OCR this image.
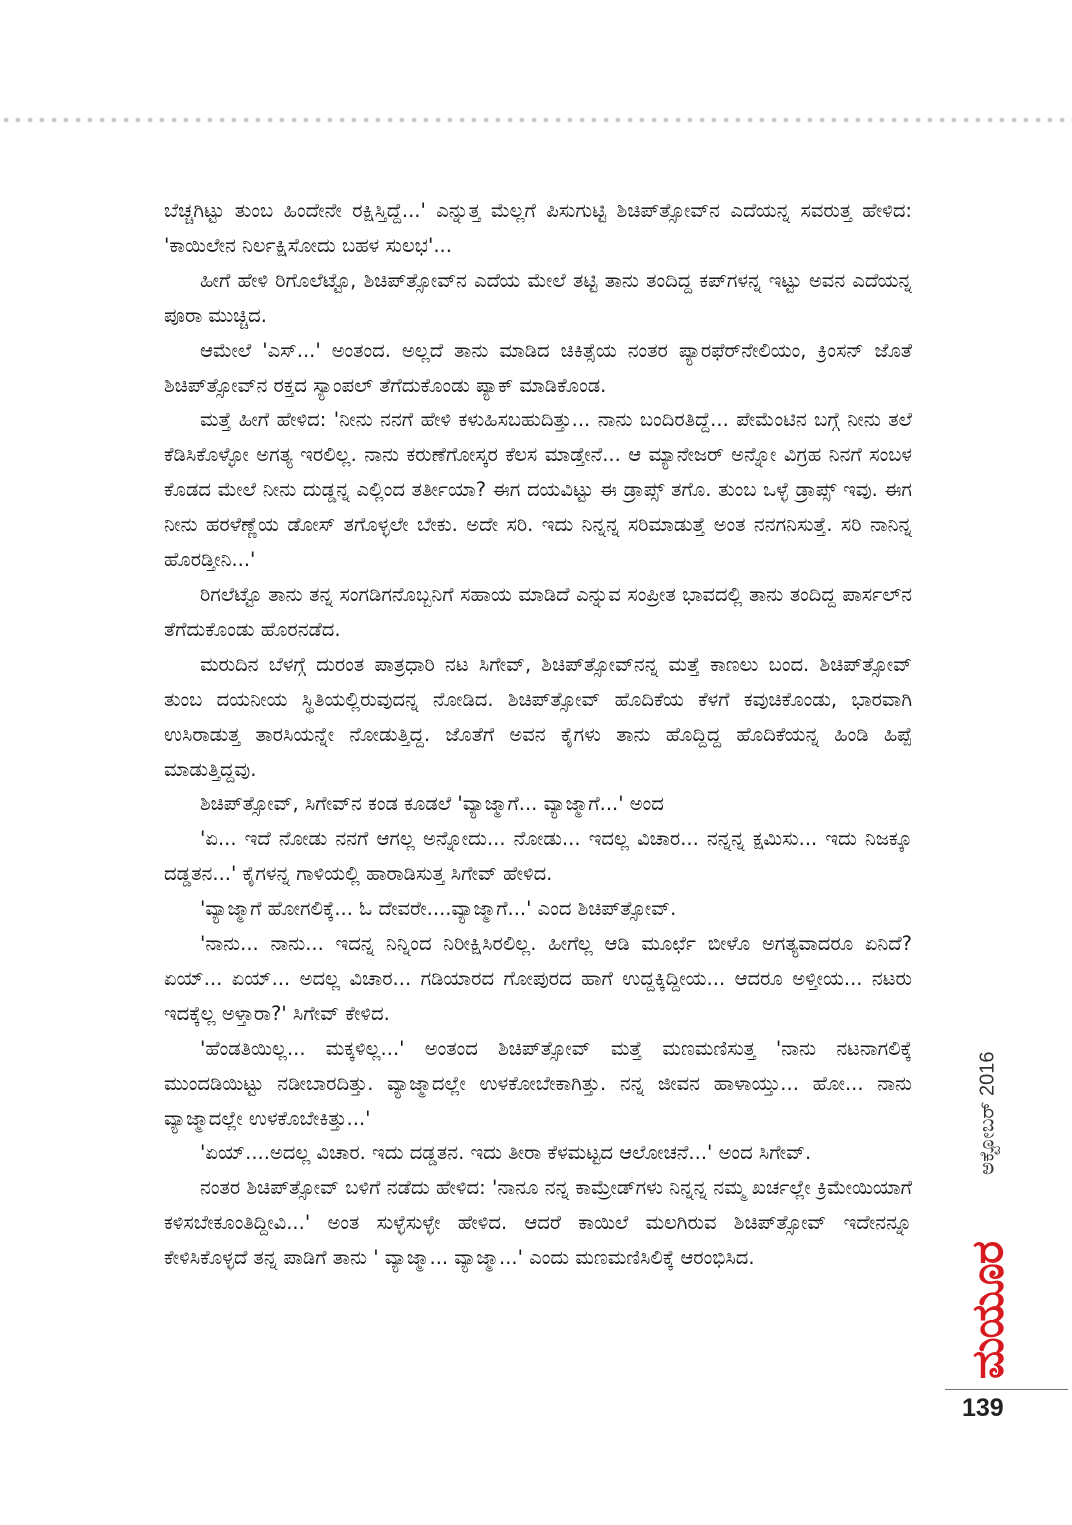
ಬೆಚ್ಚಗಿಟ್ಟು ತುಂಬ ಹಿಂದೇನೇ ರಕ್ಷಿಸ್ತಿದ್ದೆ...' ಎನ್ನುತ್ತ ಮೆಲ್ಲಗೆ ಪಿಸುಗುಟ್ಟಿ ಶಿಚಿಪ್‌ತ್ಸೋವ್‌ನ ಎದೆಯನ್ನ ಸವರುತ್ತ ಹೇಳಿದ: 'ಕಾಯಿಲೇನ ನಿರ್ಲಕ್ಷಿಸೋದು ಬಹಳ ಸುಲಭ'...

ಹೀಗೆ ಹೇಳಿ ರಿಗೊಲೆಟ್ಟೊ, ಶಿಚಿಪ್‌ತ್ಸೋವ್‌ನ ಎದೆಯ ಮೇಲೆ ತಟ್ಟಿ ತಾನು ತಂದಿದ್ದ ಕಪ್‌ಗಳನ್ನ ಇಟ್ಟು ಅವನ ಎದೆಯನ್ನ ಪೂರಾ ಮುಚ್ಚಿದ.

ಆಮೇಲೆ 'ಎಸ್...' ಅಂತಂದ. ಅಲ್ಲದೆ ತಾನು ಮಾಡಿದ ಚಿಕಿತ್ಸೆಯ ನಂತರ ಪ್ಯಾರಫೆರ್‌ನೇಲಿಯಂ, ಕ್ರಿಂಸನ್ ಜೊತೆ ಶಿಚಿಪ್‌ತ್ಸೋವ್‌ನ ರಕ್ತದ ಸ್ಯಾಂಪಲ್ ತೆಗೆದುಕೊಂಡು ಪ್ಯಾಕ್ ಮಾಡಿಕೊಂಡ.

ಮತ್ತೆ ಹೀಗೆ ಹೇಳಿದ: 'ನೀನು ನನಗೆ ಹೇಳಿ ಕಳುಹಿಸಬಹುದಿತ್ತು... ನಾನು ಬಂದಿರತಿದ್ದೆ... ಪೇಮೆಂಟಿನ ಬಗ್ಗೆ ನೀನು ತಲೆ ಕೆಡಿಸಿಕೊಳ್ಳೋ ಅಗತ್ಯ ಇರಲಿಲ್ಲ. ನಾನು ಕರುಣೆಗೋಸ್ಕರ ಕೆಲಸ ಮಾಡ್ತೇನೆ... ಆ ಮ್ಯಾನೇಜರ್ ಅನ್ನೋ ವಿಗ್ರಹ ನಿನಗೆ ಸಂಬಳ ಕೊಡದ ಮೇಲೆ ನೀನು ದುಡ್ಡನ್ನ ಎಲ್ಲಿಂದ ತರ್ತೀಯಾ? ಈಗ ದಯವಿಟ್ಟು ಈ ಡ್ರಾಪ್ಸ್ ತಗೊ. ತುಂಬ ಒಳ್ಳೆ ಡ್ರಾಪ್ಸ್ ಇವು. ಈಗ ನೀನು ಹರಳೆಣ್ಣೆಯ ಡೋಸ್ ತಗೊಳ್ಳಲೇ ಬೇಕು. ಅದೇ ಸರಿ. ಇದು ನಿನ್ನನ್ನ ಸರಿಮಾಡುತ್ತೆ ಅಂತ ನನಗನಿಸುತ್ತೆ. ಸರಿ ನಾನಿನ್ನ ಹೊರಡ್ತೀನಿ...'

ರಿಗಲೆಟ್ಟೊ ತಾನು ತನ್ನ ಸಂಗಡಿಗನೊಬ್ಬನಿಗೆ ಸಹಾಯ ಮಾಡಿದೆ ಎನ್ನುವ ಸಂಪ್ರೀತ ಭಾವದಲ್ಲಿ ತಾನು ತಂದಿದ್ದ ಪಾರ್ಸಲ್‌ನ ತೆಗೆದುಕೊಂಡು ಹೊರನಡೆದ.

ಮರುದಿನ ಬೆಳಗ್ಗೆ ದುರಂತ ಪಾತ್ರಧಾರಿ ನಟ ಸಿಗೇವ್, ಶಿಚಿಪ್‌ತ್ಸೋವ್‌ನನ್ನ ಮತ್ತೆ ಕಾಣಲು ಬಂದ. ಶಿಚಿಪ್‌ತ್ಸೋವ್ ತುಂಬ ದಯನೀಯ ಸ್ಥಿತಿಯಲ್ಲಿರುವುದನ್ನ ನೋಡಿದ. ಶಿಚಿಪ್‌ತ್ಸೋವ್ ಹೊದಿಕೆಯ ಕೆಳಗೆ ಕವುಚಿಕೊಂಡು, ಭಾರವಾಗಿ ಉಸಿರಾಡುತ್ತ ತಾರಸಿಯನ್ನೇ ನೋಡುತ್ತಿದ್ದ. ಜೊತೆಗೆ ಅವನ ಕೈಗಳು ತಾನು ಹೊದ್ದಿದ್ದ ಹೊದಿಕೆಯನ್ನ ಹಿಂಡಿ ಹಿಪ್ಪೆ ಮಾಡುತ್ತಿದ್ದವು.

ಶಿಚಿಪ್‌ತ್ಸೋವ್, ಸಿಗೇವ್‌ನ ಕಂಡ ಕೂಡಲೆ 'ವ್ಯಾಜ್ಮಾಗೆ... ವ್ಯಾಜ್ಮಾಗೆ...' ಅಂದ

'ಏ... ಇದೆ ನೋಡು ನನಗೆ ಆಗಲ್ಲ ಅನ್ನೋದು... ನೋಡು... ಇದಲ್ಲ ವಿಚಾರ... ನನ್ನನ್ನ ಕ್ಷಮಿಸು... ಇದು ನಿಜಕ್ಕೂ ದಡ್ಡತನ...' ಕೈಗಳನ್ನ ಗಾಳಿಯಲ್ಲಿ ಹಾರಾಡಿಸುತ್ತ ಸಿಗೇವ್ ಹೇಳಿದ.

'ವ್ಯಾಜ್ಮಾಗೆ ಹೋಗಲಿಕ್ಕೆ... ಓ ದೇವರೇ....ವ್ಯಾಜ್ಮಾಗೆ...' ಎಂದ ಶಿಚಿಪ್‌ತ್ಸೋವ್.

'ನಾನು... ನಾನು... ಇದನ್ನ ನಿನ್ನಿಂದ ನಿರೀಕ್ಷಿಸಿರಲಿಲ್ಲ. ಹೀಗೆಲ್ಲ ಆಡಿ ಮೂರ್ಛೆ ಬೀಳೊ ಅಗತ್ಯವಾದರೂ ಏನಿದೆ? ಏಯ್... ಏಯ್... ಅದಲ್ಲ ವಿಚಾರ... ಗಡಿಯಾರದ ಗೋಪುರದ ಹಾಗೆ ಉದ್ದಕ್ಕಿದ್ದೀಯ... ಆದರೂ ಅಳ್ತೀಯ... ನಟರು ಇದಕ್ಕೆಲ್ಲ ಅಳ್ತಾರಾ?' ಸಿಗೇವ್ ಕೇಳಿದ.

'ಹೆಂಡತಿಯಿಲ್ಲ... ಮಕ್ಕಳಿಲ್ಲ...' ಅಂತಂದ ಶಿಚಿಪ್‌ತ್ಸೋವ್ ಮತ್ತೆ ಮಣಮಣಿಸುತ್ತ 'ನಾನು ನಟನಾಗಲಿಕ್ಕೆ ಮುಂದಡಿಯಿಟ್ಟು ನಡೀಬಾರದಿತ್ತು. ವ್ಯಾಜ್ಮಾದಲ್ಲೇ ಉಳಕೋಬೇಕಾಗಿತ್ತು. ನನ್ನ ಜೀವನ ಹಾಳಾಯ್ತು... ಹೋ... ನಾನು ವ್ಯಾಜ್ಮಾದಲ್ಲೇ ಉಳಕೊಬೇಕಿತ್ತು...'

'ಏಯ್....ಅದಲ್ಲ ವಿಚಾರ. ಇದು ದಡ್ಡತನ. ಇದು ತೀರಾ ಕೆಳಮಟ್ಟದ ಆಲೋಚನೆ...' ಅಂದ ಸಿಗೇವ್.

ನಂತರ ಶಿಚಿಪ್‌ತ್ಸೋವ್ ಬಳಿಗೆ ನಡೆದು ಹೇಳಿದ: 'ನಾನೂ ನನ್ನ ಕಾಮ್ರೇಡ್‌ಗಳು ನಿನ್ನನ್ನ ನಮ್ಮ ಖರ್ಚಲ್ಲೇ ಕ್ರಿಮೇಯಿಯಾಗೆ ಕಳಿಸಬೇಕೂಂತಿದ್ದೀವಿ...' ಅಂತ ಸುಳ್ಳೆಸುಳ್ಳೇ ಹೇಳಿದ. ಆದರೆ ಕಾಯಿಲೆ ಮಲಗಿರುವ ಶಿಚಿಪ್‌ತ್ಸೋವ್ ಇದೇನನ್ನೂ ಕೇಳಿಸಿಕೊಳ್ಳದೆ ತನ್ನ ಪಾಡಿಗೆ ತಾನು ' ವ್ಯಾಜ್ಮಾ... ವ್ಯಾಜ್ಮಾ...' ಎಂದು ಮಣಮಣಿಸಿಲಿಕ್ಕೆ ಆರಂಭಿಸಿದ.

ಅಕ್ಟೋಬರ್ 2016
ಮಯೂರ
139
